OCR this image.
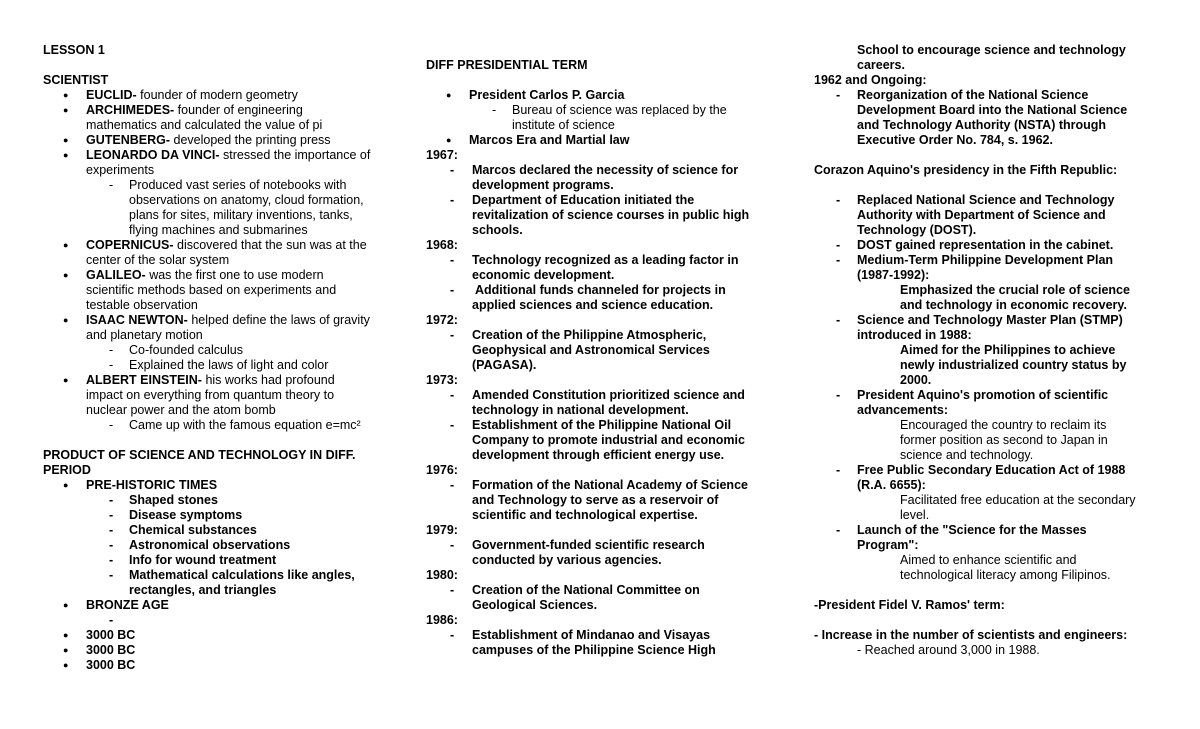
LESSON 1
SCIENTIST
● EUCLID- founder of modern geometry
● ARCHIMEDES- founder of engineering
mathematics and calculated the value of pi
● GUTENBERG- developed the printing press
● LEONARDO DA VINCI- stressed the importance of
experiments
- Produced vast series of notebooks with
observations on anatomy, cloud formation,
plans for sites, military inventions, tanks,
flying machines and submarines
● COPERNICUS- discovered that the sun was at the
center of the solar system
● GALILEO- was the first one to use modern
scientific methods based on experiments and
testable observation
● ISAAC NEWTON- helped define the laws of gravity
and planetary motion
- Co-founded calculus
- Explained the laws of light and color
● ALBERT EINSTEIN- his works had profound
impact on everything from quantum theory to
nuclear power and the atom bomb
- Came up with the famous equation e=mc²
PRODUCT OF SCIENCE AND TECHNOLOGY IN DIFF.
PERIOD
● PRE-HISTORIC TIMES
- Shaped stones
- Disease symptoms
- Chemical substances
- Astronomical observations
- Info for wound treatment
- Mathematical calculations like angles,
rectangles, and triangles
● BRONZE AGE
-
● 3000 BC
● 3000 BC
● 3000 BC
DIFF PRESIDENTIAL TERM
● President Carlos P. Garcia
- Bureau of science was replaced by the
institute of science
● Marcos Era and Martial law
1967:
- Marcos declared the necessity of science for
development programs.
- Department of Education initiated the
revitalization of science courses in public high
schools.
1968:
- Technology recognized as a leading factor in
economic development.
-  Additional funds channeled for projects in
applied sciences and science education.
1972:
- Creation of the Philippine Atmospheric,
Geophysical and Astronomical Services
(PAGASA).
1973:
- Amended Constitution prioritized science and
technology in national development.
- Establishment of the Philippine National Oil
Company to promote industrial and economic
development through efficient energy use.
1976:
- Formation of the National Academy of Science
and Technology to serve as a reservoir of
scientific and technological expertise.
1979:
- Government-funded scientific research
conducted by various agencies.
1980:
- Creation of the National Committee on
Geological Sciences.
1986:
- Establishment of Mindanao and Visayas
campuses of the Philippine Science High
School to encourage science and technology
careers.
1962 and Ongoing:
- Reorganization of the National Science
Development Board into the National Science
and Technology Authority (NSTA) through
Executive Order No. 784, s. 1962.
Corazon Aquino's presidency in the Fifth Republic:
- Replaced National Science and Technology
Authority with Department of Science and
Technology (DOST).
- DOST gained representation in the cabinet.
- Medium-Term Philippine Development Plan
(1987-1992):
Emphasized the crucial role of science
and technology in economic recovery.
- Science and Technology Master Plan (STMP)
introduced in 1988:
Aimed for the Philippines to achieve
newly industrialized country status by
2000.
- President Aquino's promotion of scientific
advancements:
Encouraged the country to reclaim its
former position as second to Japan in
science and technology.
- Free Public Secondary Education Act of 1988
(R.A. 6655):
Facilitated free education at the secondary
level.
- Launch of the "Science for the Masses
Program":
Aimed to enhance scientific and
technological literacy among Filipinos.
-President Fidel V. Ramos' term:
- Increase in the number of scientists and engineers:
- Reached around 3,000 in 1988.
